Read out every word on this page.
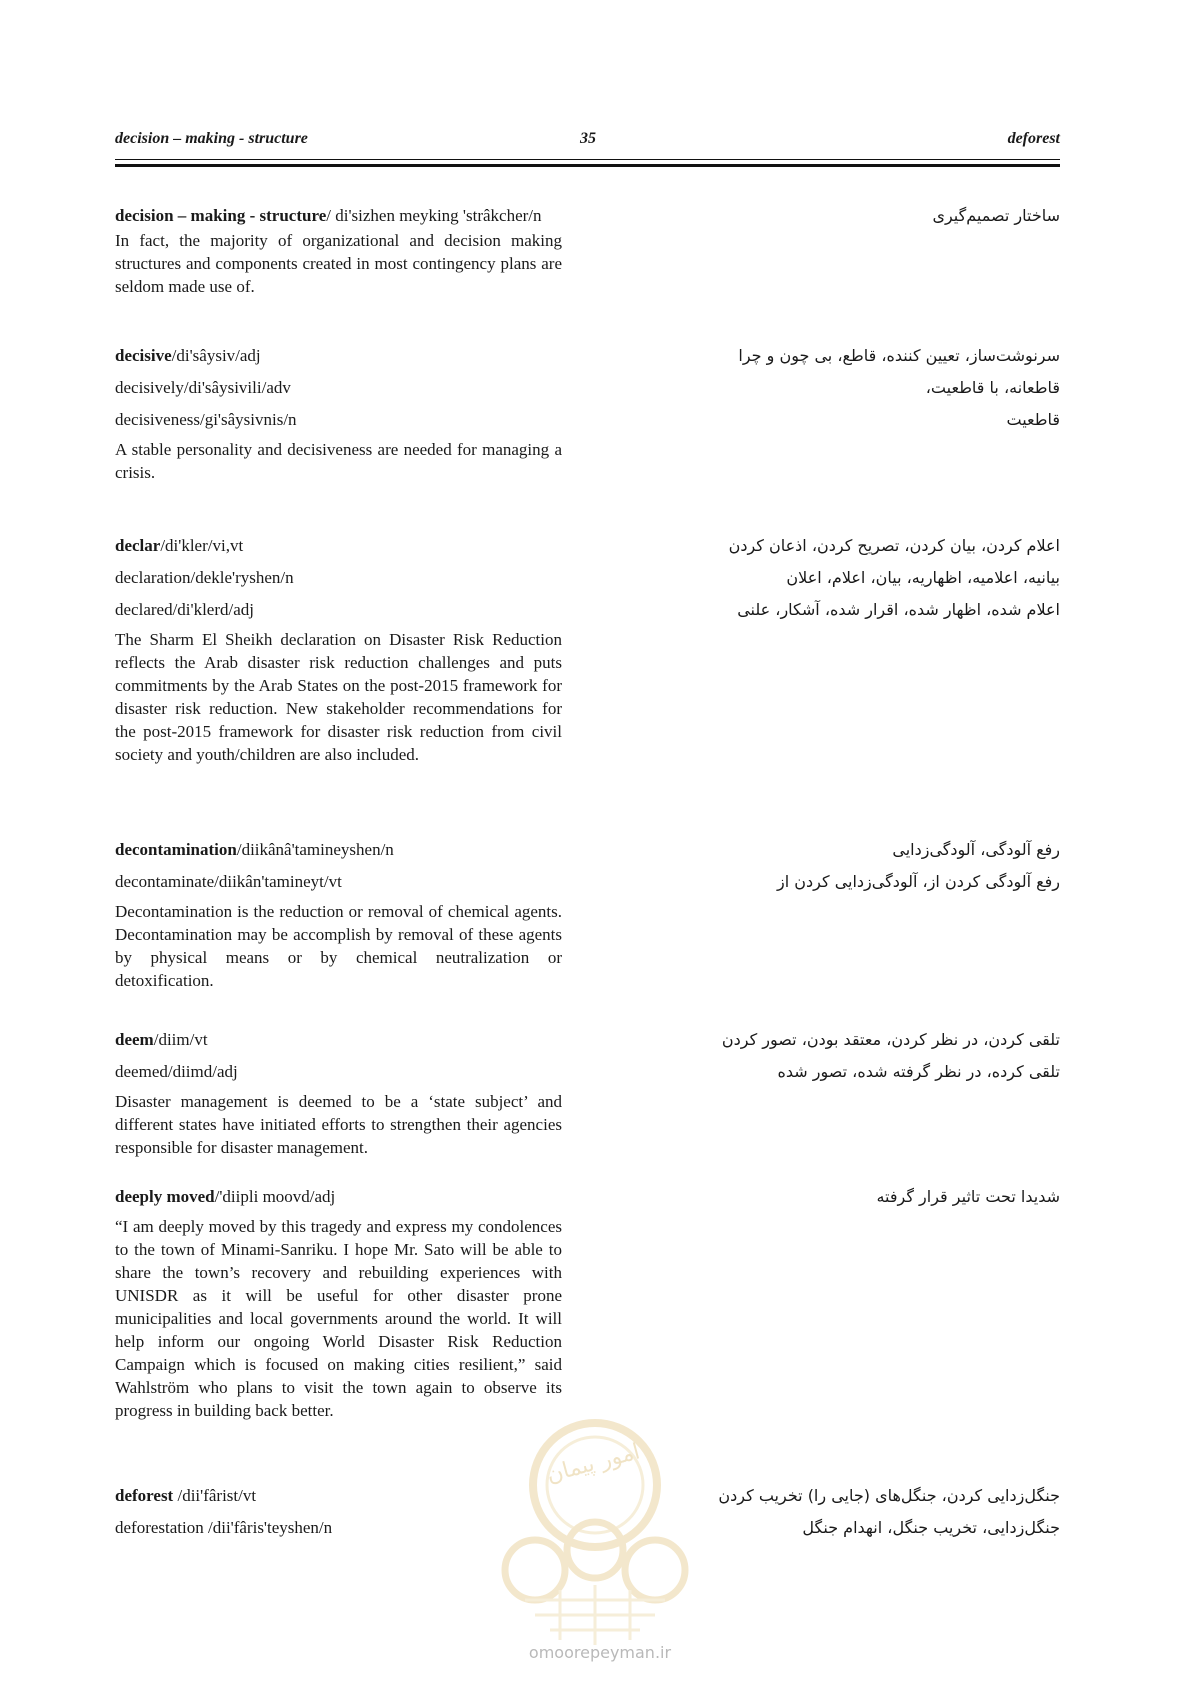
decision – making - structure	35	deforest
decision – making - structure/ di'sizhen meyking 'strâkcher/n
In fact, the majority of organizational and decision making structures and components created in most contingency plans are seldom made use of.
ساختار تصمیم‌گیری
decisive/di'sâysiv/adj
decisively/di'sâysivili/adv
decisiveness/gi'sâysivnis/n
A stable personality and decisiveness are needed for managing a crisis.
سرنوشت‌ساز، تعیین کننده، قاطع، بی چون و چرا
قاطعانه، با قاطعیت،
قاطعیت
declar/di'kler/vi,vt
declaration/dekle'ryshen/n
declared/di'klerd/adj
The Sharm El Sheikh declaration on Disaster Risk Reduction reflects the Arab disaster risk reduction challenges and puts commitments by the Arab States on the post-2015 framework for disaster risk reduction. New stakeholder recommendations for the post-2015 framework for disaster risk reduction from civil society and youth/children are also included.
اعلام کردن، بیان کردن، تصریح کردن، اذعان کردن
بیانیه، اعلامیه، اظهاریه، بیان، اعلام، اعلان
اعلام شده، اظهار شده، اقرار شده، آشکار، علنی
decontamination/diikânâ'tamineyshen/n
decontaminate/diikân'tamineyt/vt
Decontamination is the reduction or removal of chemical agents. Decontamination may be accomplish by removal of these agents by physical means or by chemical neutralization or detoxification.
رفع آلودگی، آلودگی‌زدایی
رفع آلودگی کردن از، آلودگی‌زدایی کردن از
deem/diim/vt
deemed/diimd/adj
Disaster management is deemed to be a ‘state subject’ and different states have initiated efforts to strengthen their agencies responsible for disaster management.
تلقی کردن، در نظر کردن، معتقد بودن، تصور کردن
تلقی کرده، در نظر گرفته شده، تصور شده
deeply moved/'diipli moovd/adj
“I am deeply moved by this tragedy and express my condolences to the town of Minami-Sanriku. I hope Mr. Sato will be able to share the town’s recovery and rebuilding experiences with UNISDR as it will be useful for other disaster prone municipalities and local governments around the world. It will help inform our ongoing World Disaster Risk Reduction Campaign which is focused on making cities resilient,” said Wahlström who plans to visit the town again to observe its progress in building back better.
شدیدا تحت تاثیر قرار گرفته
deforest /dii'fârist/vt
deforestation /dii'fâris'teyshen/n
جنگل‌زدایی کردن، جنگل‌های (جایی را) تخریب کردن
جنگل‌زدایی، تخریب جنگل، انهدام جنگل
امور پیمان
omoorepeyman.ir
